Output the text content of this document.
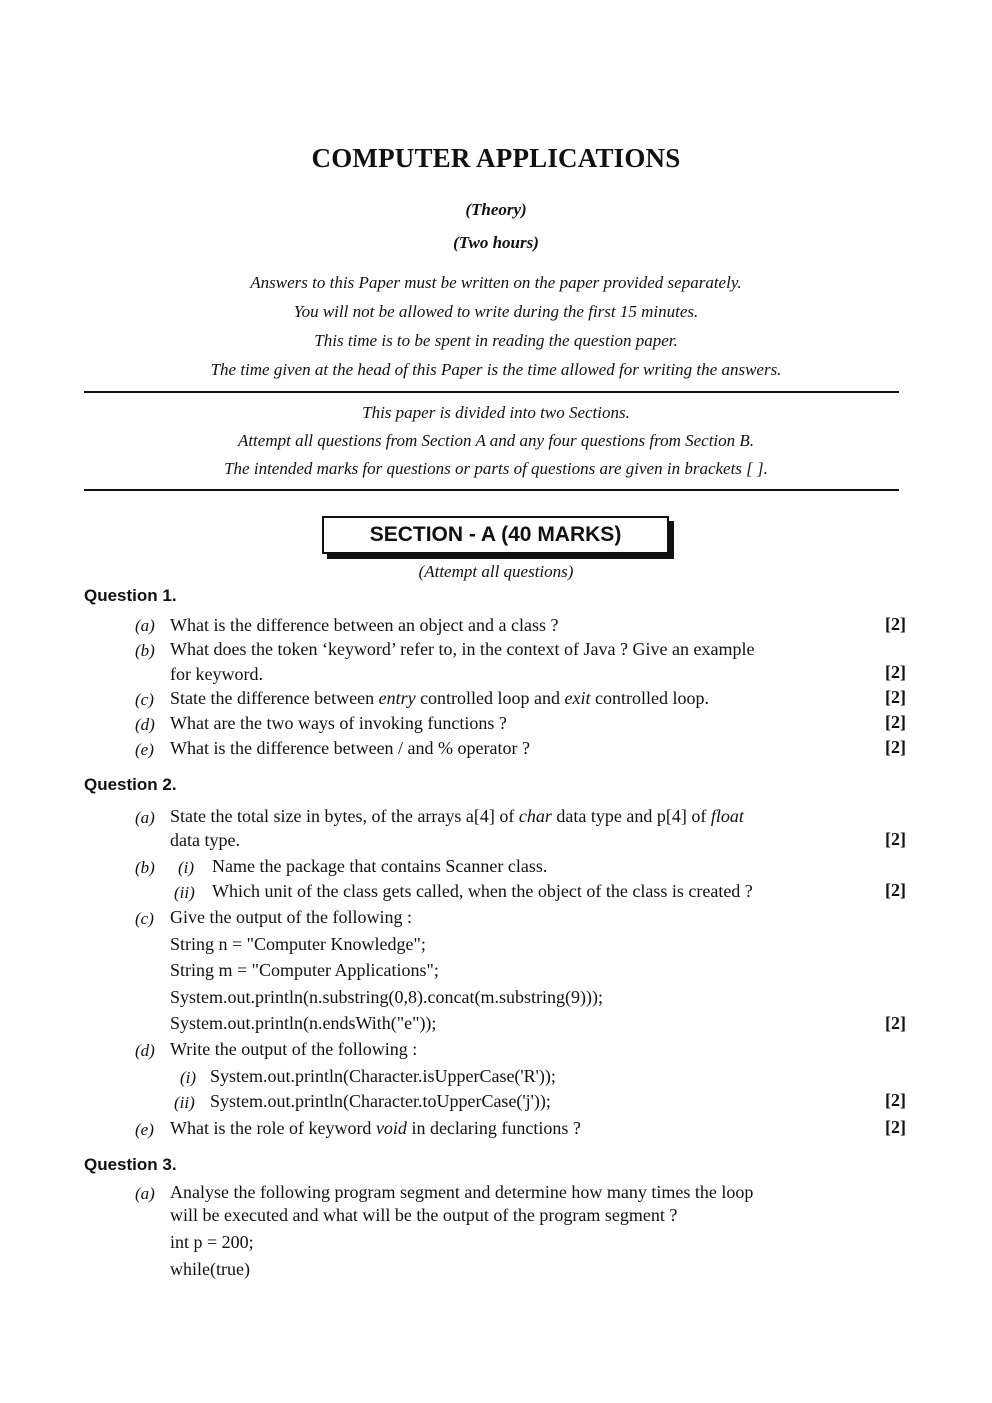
COMPUTER APPLICATIONS
(Theory)
(Two hours)
Answers to this Paper must be written on the paper provided separately.
You will not be allowed to write during the first 15 minutes.
This time is to be spent in reading the question paper.
The time given at the head of this Paper is the time allowed for writing the answers.
This paper is divided into two Sections.
Attempt all questions from Section A and any four questions from Section B.
The intended marks for questions or parts of questions are given in brackets [ ].
SECTION - A (40 MARKS)
(Attempt all questions)
Question 1.
(a) What is the difference between an object and a class ?	[2]
(b) What does the token ‘keyword’ refer to, in the context of Java ? Give an example
for keyword.	[2]
(c) State the difference between entry controlled loop and exit controlled loop.	[2]
(d) What are the two ways of invoking functions ?	[2]
(e) What is the difference between / and % operator ?	[2]
Question 2.
(a) State the total size in bytes, of the arrays a[4] of char data type and p[4] of float
data type.	[2]
(b) (i) Name the package that contains Scanner class.
(ii) Which unit of the class gets called, when the object of the class is created ?	[2]
(c) Give the output of the following :
String n = "Computer Knowledge";
String m = "Computer Applications";
System.out.println(n.substring(0,8).concat(m.substring(9)));
System.out.println(n.endsWith("e"));	[2]
(d) Write the output of the following :
(i) System.out.println(Character.isUpperCase('R'));
(ii) System.out.println(Character.toUpperCase('j'));	[2]
(e) What is the role of keyword void in declaring functions ?	[2]
Question 3.
(a) Analyse the following program segment and determine how many times the loop
will be executed and what will be the output of the program segment ?
int p = 200;
while(true)
